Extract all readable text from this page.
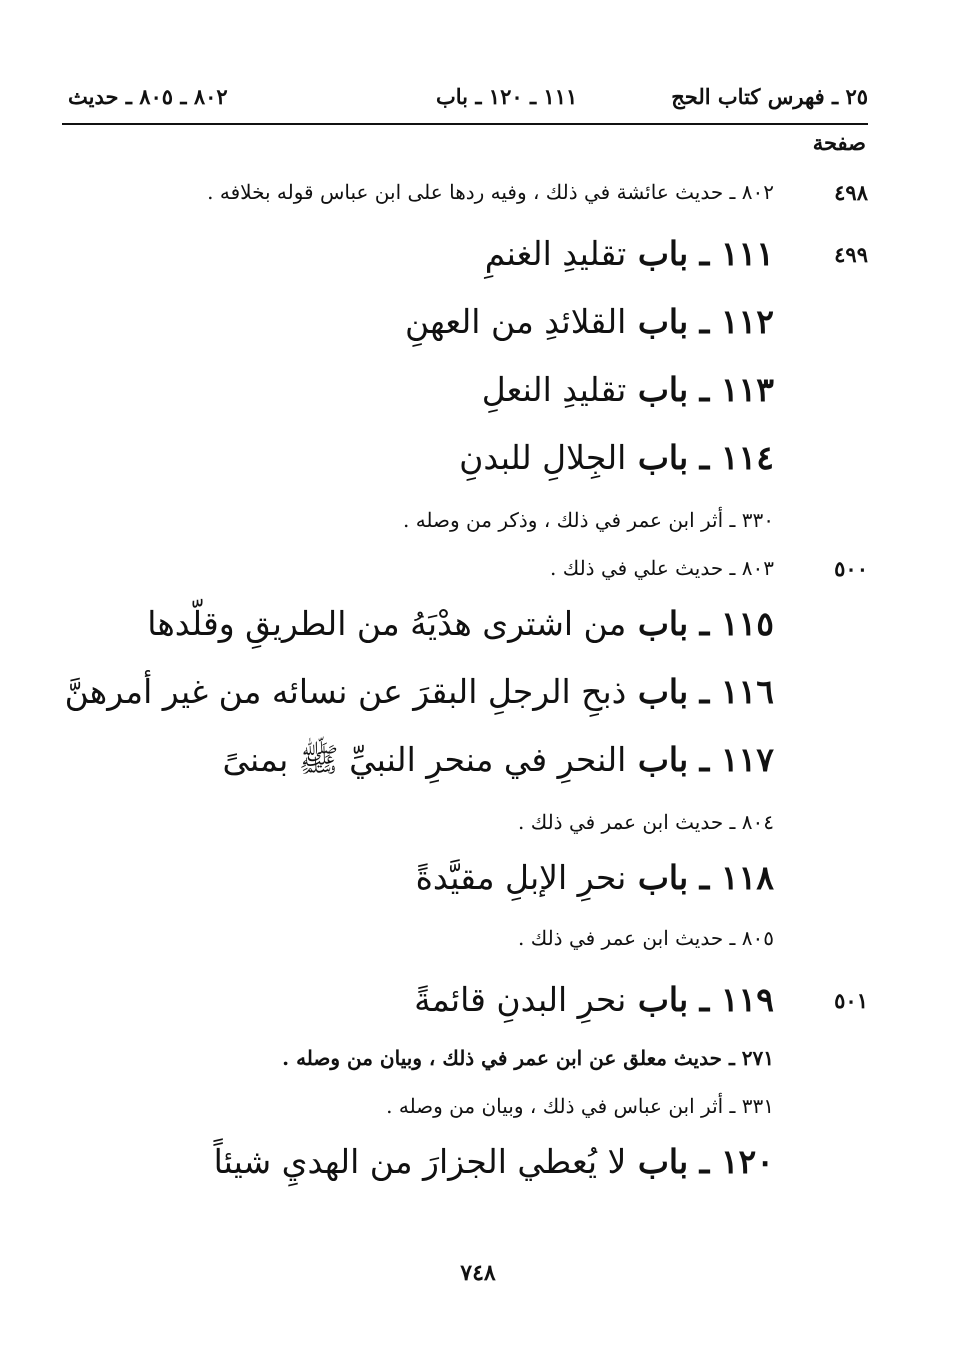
٢٥ ـ فهرس كتاب الحج
١١١ ـ ١٢٠ ـ باب
٨٠٢ ـ ٨٠٥ ـ حديث
صفحة
٤٩٨
٨٠٢ ـ حديث عائشة في ذلك ، وفيه ردها على ابن عباس قوله بخلافه .
٤٩٩
١١١ ـ باب تقليدِ الغنمِ
١١٢ ـ باب القلائدِ من العهنِ
١١٣ ـ باب تقليدِ النعلِ
١١٤ ـ باب الجِلالِ للبدنِ
٣٣٠ ـ أثر ابن عمر في ذلك ، وذكر من وصله .
٥٠٠
٨٠٣ ـ حديث علي في ذلك .
١١٥ ـ باب من اشترى هدْيَهُ من الطريقِ وقلّدها
١١٦ ـ باب ذبحِ الرجلِ البقرَ عن نسائه من غير أمرهنَّ
١١٧ ـ باب النحرِ في منحرِ النبيِّ ﷺ بمنىً
٨٠٤ ـ حديث ابن عمر في ذلك .
١١٨ ـ باب نحرِ الإبلِ مقيَّدةً
٨٠٥ ـ حديث ابن عمر في ذلك .
٥٠١
١١٩ ـ باب نحرِ البدنِ قائمةً
٢٧١ ـ حديث معلق عن ابن عمر في ذلك ، وبيان من وصله .
٣٣١ ـ أثر ابن عباس في ذلك ، وبيان من وصله .
١٢٠ ـ باب لا يُعطي الجزارَ من الهديِ شيئاً
٧٤٨
